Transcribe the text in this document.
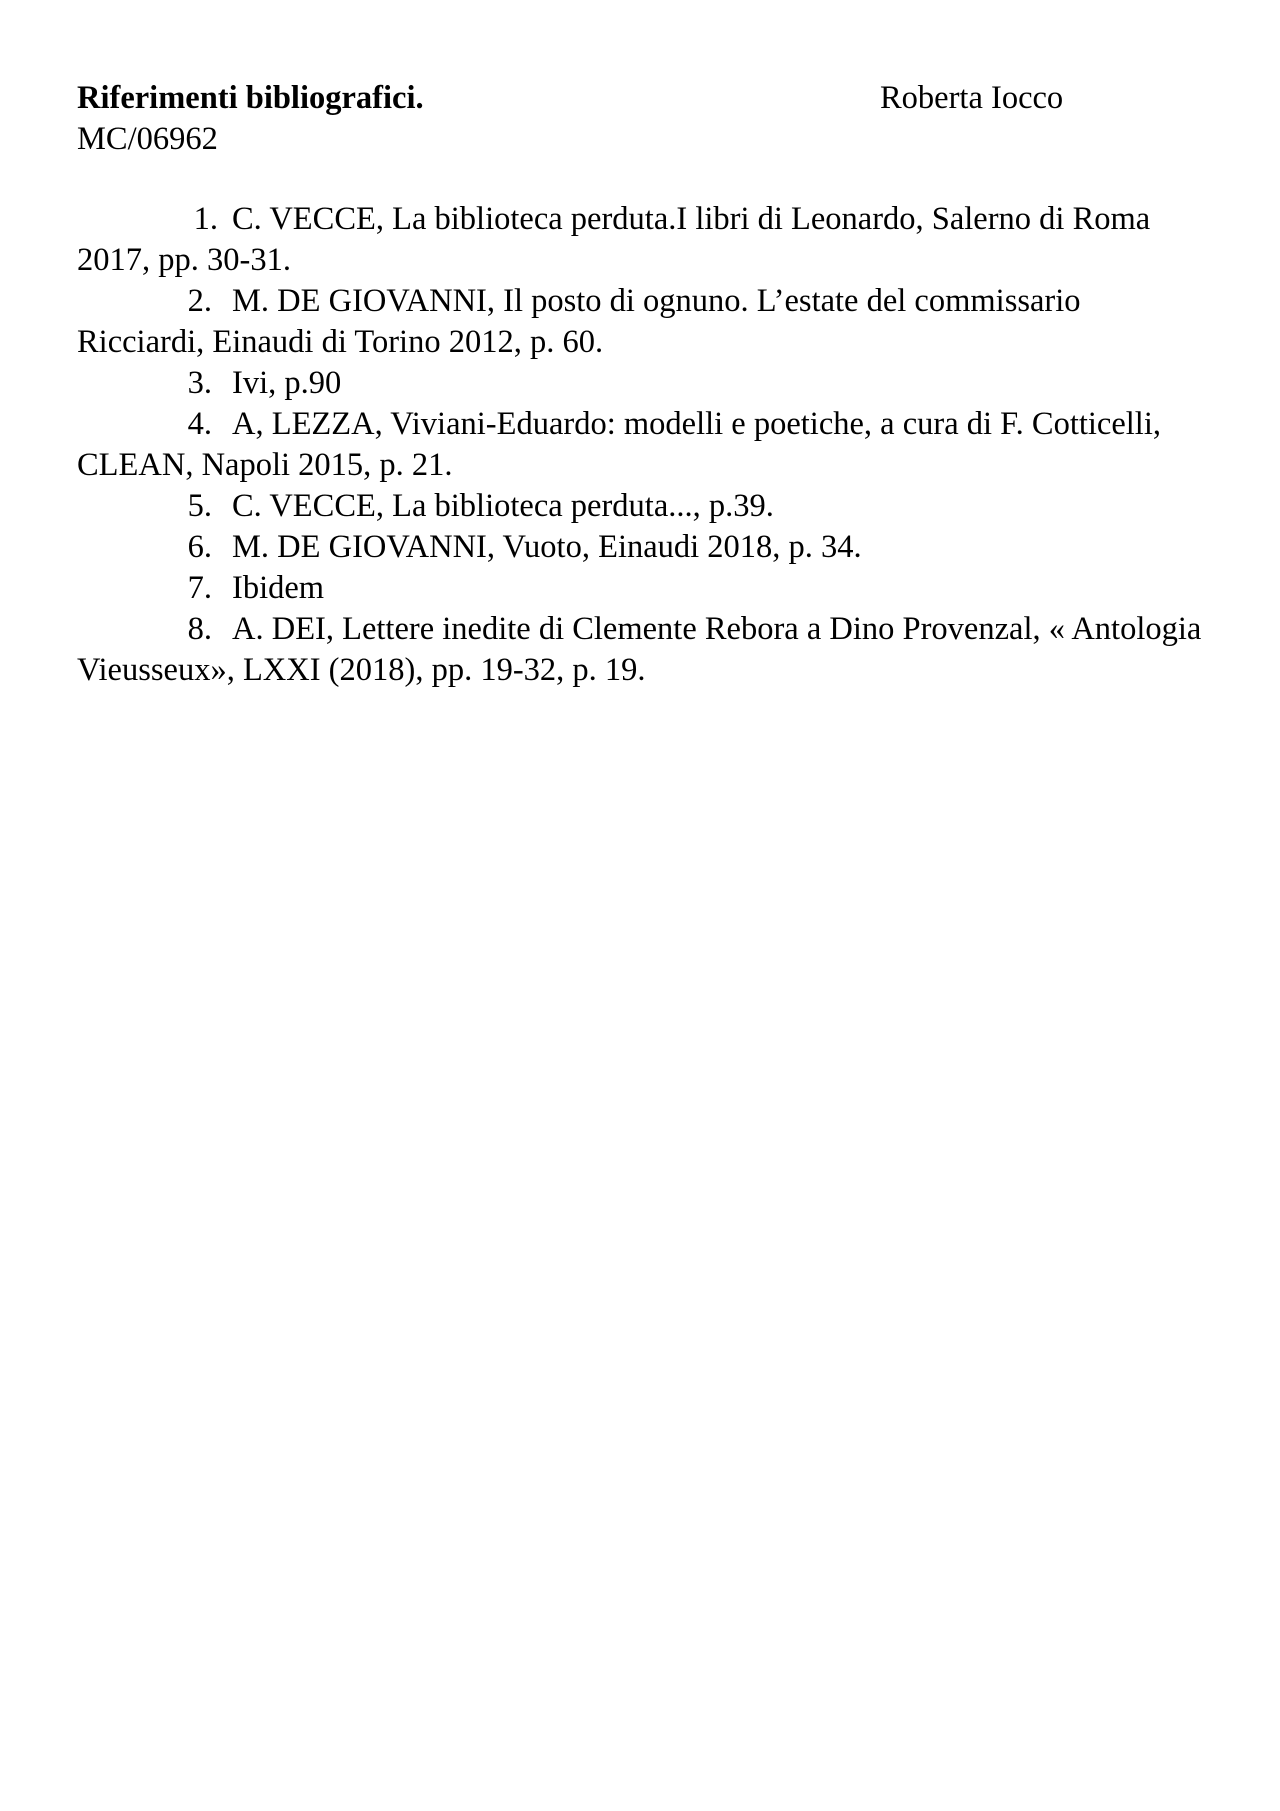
Riferimenti bibliografici.	Roberta Iocco
MC/06962
1. C. VECCE, La biblioteca perduta.I libri di Leonardo, Salerno di Roma 2017, pp. 30-31.
2. M. DE GIOVANNI, Il posto di ognuno. L’estate del commissario Ricciardi, Einaudi di Torino 2012, p. 60.
3. Ivi, p.90
4. A, LEZZA, Viviani-Eduardo: modelli e poetiche, a cura di F. Cotticelli, CLEAN, Napoli 2015, p. 21.
5. C. VECCE, La biblioteca perduta..., p.39.
6. M. DE GIOVANNI, Vuoto, Einaudi 2018, p. 34.
7. Ibidem
8. A. DEI, Lettere inedite di Clemente Rebora a Dino Provenzal, « Antologia Vieusseux», LXXI (2018), pp. 19-32, p. 19.
